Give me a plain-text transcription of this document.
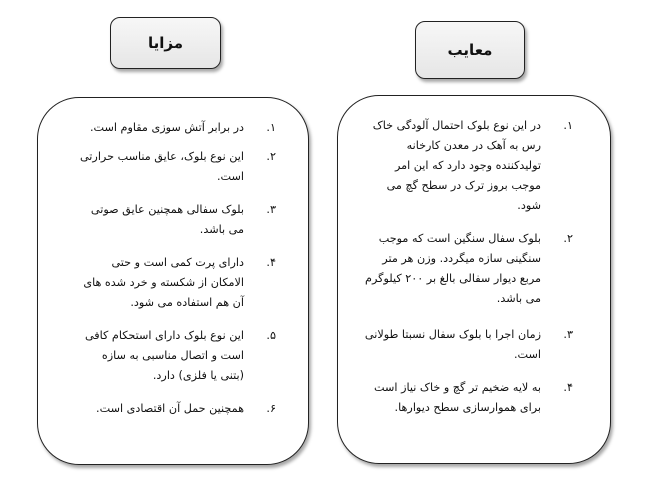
مزایا	معایب
۱.
در برابر آتش سوزی مقاوم است.
۲.
این نوع بلوک، عایق مناسب حرارتی است.
۳.
بلوک سفالی همچنین عایق صوتی می باشد.
۴.
دارای پرت کمی است و حتی الامکان از شکسته و خرد شده های آن هم استفاده می شود.
۵.
این نوع بلوک دارای استحکام کافی است و اتصال مناسبی به سازه (بتنی یا فلزی) دارد.
۶.
همچنین حمل آن اقتصادی است.
۱.
در این نوع بلوک احتمال آلودگی خاک رس به آهک در معدن کارخانه تولیدکننده وجود دارد که این امر موجب بروز ترک در سطح گچ می شود.
۲.
بلوک سفال سنگین است که موجب سنگینی سازه میگردد. وزن هر متر مربع دیوار سفالی بالغ بر ۲۰۰ کیلوگرم می باشد.
۳.
زمان اجرا با بلوک سفال نسبتا طولانی است.
۴.
به لایه ضخیم تر گچ و خاک نیاز است برای هموارسازی سطح دیوارها.
